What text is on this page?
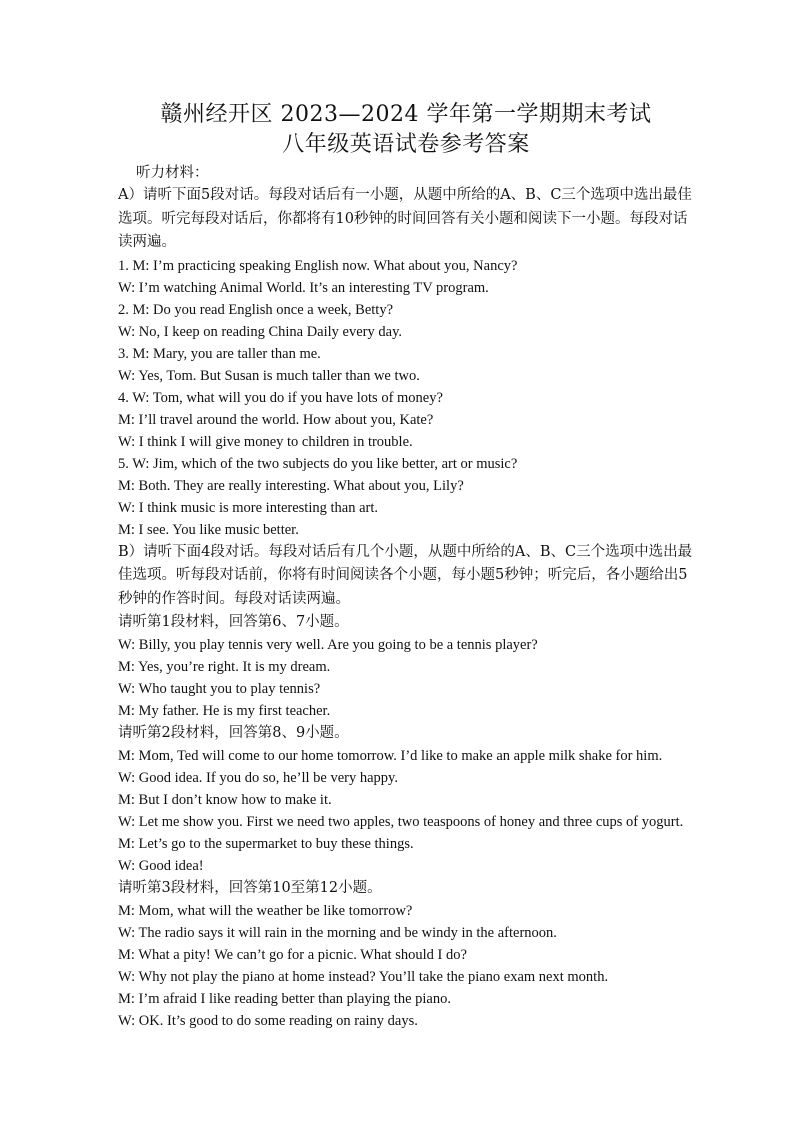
赣州经开区 2023—2024 学年第一学期期末考试
八年级英语试卷参考答案
听力材料：

A）请听下面5段对话。每段对话后有一小题，从题中所给的A、B、C三个选项中选出最佳选项。听完每段对话后，你都将有10秒钟的时间回答有关小题和阅读下一小题。每段对话读两遍。

1. M: I’m practicing speaking English now. What about you, Nancy?

W: I’m watching Animal World. It’s an interesting TV program.

2. M: Do you read English once a week, Betty?

W: No, I keep on reading China Daily every day.

3. M: Mary, you are taller than me.

W: Yes, Tom. But Susan is much taller than we two.

4. W: Tom, what will you do if you have lots of money?

M: I’ll travel around the world. How about you, Kate?

W: I think I will give money to children in trouble.

5. W: Jim, which of the two subjects do you like better, art or music?

M: Both. They are really interesting. What about you, Lily?

W: I think music is more interesting than art.

M: I see. You like music better.

B）请听下面4段对话。每段对话后有几个小题，从题中所给的A、B、C三个选项中选出最佳选项。听每段对话前，你将有时间阅读各个小题，每小题5秒钟；听完后，各小题给出5秒钟的作答时间。每段对话读两遍。

请听第1段材料，回答第6、7小题。

W: Billy, you play tennis very well. Are you going to be a tennis player?

M: Yes, you’re right. It is my dream.

W: Who taught you to play tennis?

M: My father. He is my first teacher.

请听第2段材料，回答第8、9小题。

M: Mom, Ted will come to our home tomorrow. I’d like to make an apple milk shake for him.

W: Good idea. If you do so, he’ll be very happy.

M: But I don’t know how to make it.

W: Let me show you. First we need two apples, two teaspoons of honey and three cups of yogurt.

M: Let’s go to the supermarket to buy these things.

W: Good idea!

请听第3段材料，回答第10至第12小题。

M: Mom, what will the weather be like tomorrow?

W: The radio says it will rain in the morning and be windy in the afternoon.

M: What a pity! We can’t go for a picnic. What should I do?

W: Why not play the piano at home instead? You’ll take the piano exam next month.

M: I’m afraid I like reading better than playing the piano.

W: OK. It’s good to do some reading on rainy days.
